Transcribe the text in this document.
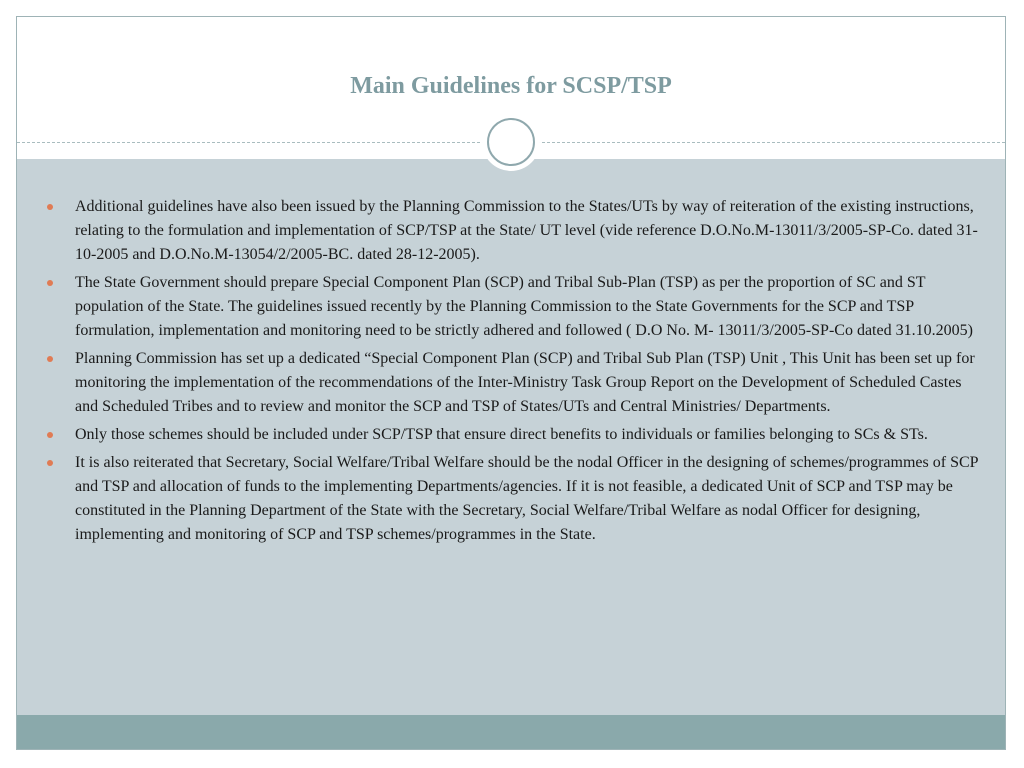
Main Guidelines for SCSP/TSP
Additional guidelines have also been issued by the Planning Commission to the States/UTs by way of reiteration of the existing instructions, relating to the formulation and implementation of SCP/TSP at the State/ UT level (vide reference D.O.No.M-13011/3/2005-SP-Co. dated 31-10-2005 and D.O.No.M-13054/2/2005-BC. dated 28-12-2005).
The State Government should prepare Special Component Plan (SCP) and Tribal Sub-Plan (TSP) as per the proportion of SC and ST population of the State. The guidelines issued recently by the Planning Commission to the State Governments for the SCP and TSP formulation, implementation and monitoring need to be strictly adhered and followed ( D.O No. M- 13011/3/2005-SP-Co dated 31.10.2005)
Planning Commission has set up a dedicated “Special Component Plan (SCP) and Tribal Sub Plan (TSP) Unit , This Unit has been set up for monitoring the implementation of the recommendations of the Inter-Ministry Task Group Report on the Development of Scheduled Castes and Scheduled Tribes and to review and monitor the SCP and TSP of States/UTs and Central Ministries/ Departments.
Only those schemes should be included under SCP/TSP that ensure direct benefits to individuals or families belonging to SCs & STs.
It is also reiterated that Secretary, Social Welfare/Tribal Welfare should be the nodal Officer in the designing of schemes/programmes of SCP and TSP and allocation of funds to the implementing Departments/agencies. If it is not feasible, a dedicated Unit of SCP and TSP may be constituted in the Planning Department of the State with the Secretary, Social Welfare/Tribal Welfare as nodal Officer for designing, implementing and monitoring of SCP and TSP schemes/programmes in the State.
